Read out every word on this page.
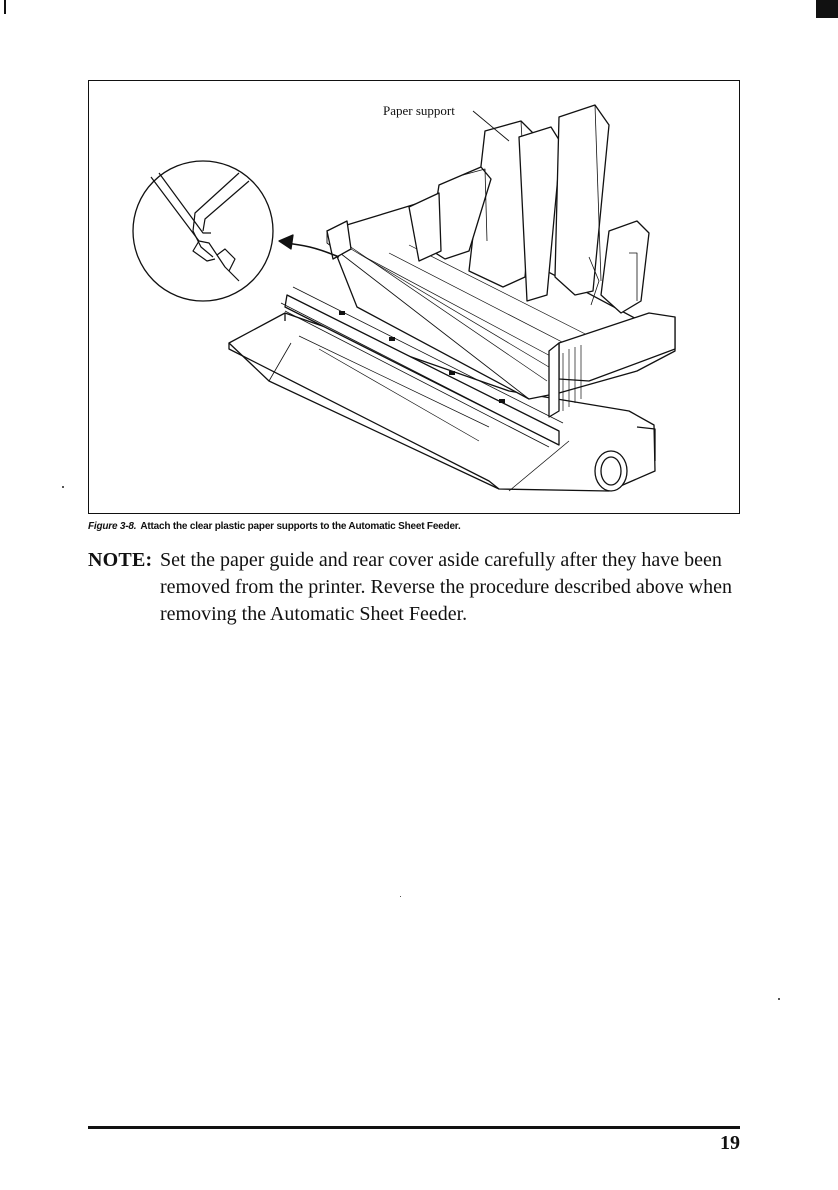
Paper support
Figure 3-8. Attach the clear plastic paper supports to the Automatic Sheet Feeder.
NOTE: Set the paper guide and rear cover aside carefully after they have been removed from the printer. Reverse the procedure described above when removing the Automatic Sheet Feeder.
19
